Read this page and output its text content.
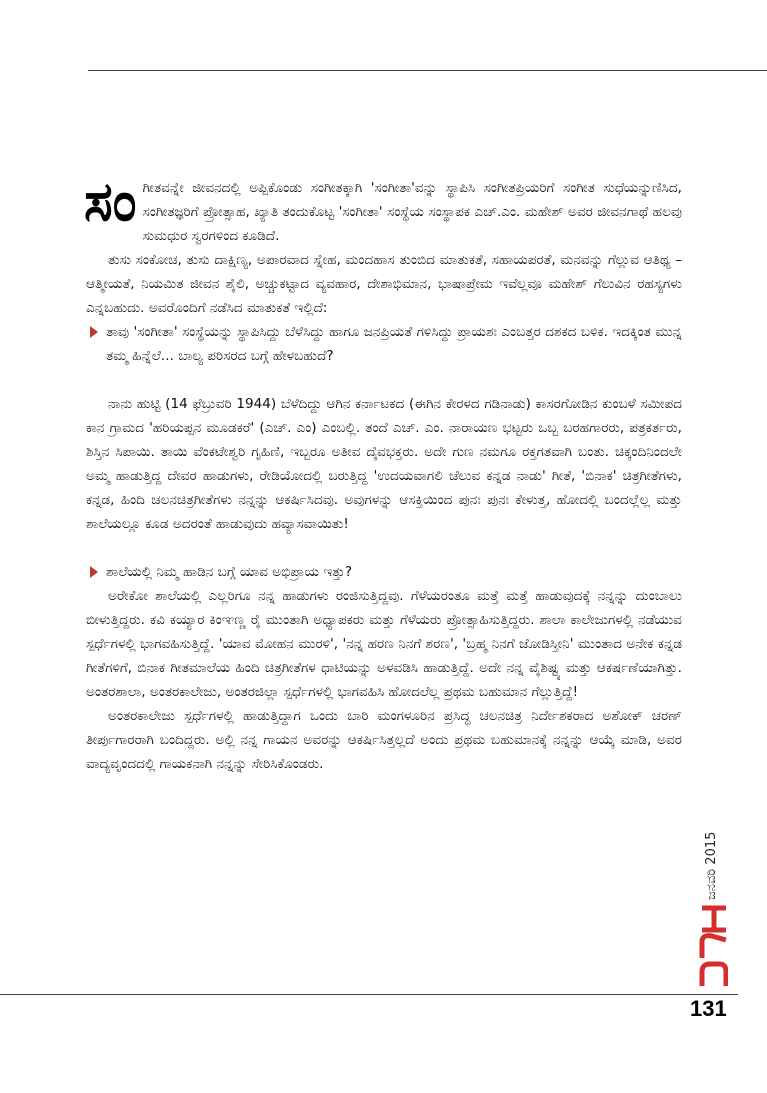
ಸಂಗೀತವನ್ನೇ ಜೀವನದಲ್ಲಿ ಅಪ್ಪಿಕೊಂಡು ಸಂಗೀತಕ್ಕಾಗಿ 'ಸಂಗೀತಾ'ವನ್ನು ಸ್ಥಾಪಿಸಿ ಸಂಗೀತಪ್ರಿಯರಿಗೆ ಸಂಗೀತ ಸುಧೆಯನ್ನುಣಿಸಿದ, ಸಂಗೀತಜ್ಞರಿಗೆ ಪ್ರೋತ್ಸಾಹ, ಖ್ಯಾತಿ ತಂದುಕೊಟ್ಟ 'ಸಂಗೀತಾ' ಸಂಸ್ಥೆಯ ಸಂಸ್ಥಾಪಕ ಎಚ್.ಎಂ. ಮಹೇಶ್ ಅವರ ಜೀವನಗಾಥೆ ಹಲವು ಸುಮಧುರ ಸ್ವರಗಳಿಂದ ಕೂಡಿದೆ.

ತುಸು ಸಂಕೋಚ, ತುಸು ದಾಕ್ಷಿಣ್ಯ, ಅಪಾರವಾದ ಸ್ನೇಹ, ಮಂದಹಾಸ ತುಂಬಿದ ಮಾತುಕತೆ, ಸಹಾಯಪರತೆ, ಮನವನ್ನು ಗೆಲ್ಲುವ ಆತಿಥ್ಯ –ಆತ್ಮೀಯತೆ, ನಿಯಮಿತ ಜೀವನ ಶೈಲಿ, ಅಚ್ಚುಕಟ್ಟಾದ ವ್ಯವಹಾರ, ದೇಶಾಭಿಮಾನ, ಭಾಷಾಪ್ರೇಮ ಇವೆಲ್ಲವೂ ಮಹೇಶ್ ಗೆಲುವಿನ ರಹಸ್ಯಗಳು ಎನ್ನಬಹುದು. ಅವರೊಂದಿಗೆ ನಡೆಸಿದ ಮಾತುಕತೆ ಇಲ್ಲಿದೆ:

ತಾವು 'ಸಂಗೀತಾ' ಸಂಸ್ಥೆಯನ್ನು ಸ್ಥಾಪಿಸಿದ್ದು ಬೆಳೆಸಿದ್ದು ಹಾಗೂ ಜನಪ್ರಿಯತೆ ಗಳಿಸಿದ್ದು ಪ್ರಾಯಶಃ ಎಂಬತ್ತರ ದಶಕದ ಬಳಿಕ. ಇದಕ್ಕಿಂತ ಮುನ್ನ ತಮ್ಮ ಹಿನ್ನೆಲೆ... ಬಾಲ್ಯ ಪರಿಸರದ ಬಗ್ಗೆ ಹೇಳಬಹುದೆ?

ನಾನು ಹುಟ್ಟಿ (14 ಫೆಬ್ರುವರಿ 1944) ಬೆಳೆದಿದ್ದು ಆಗಿನ ಕರ್ನಾಟಕದ (ಈಗಿನ ಕೇರಳದ ಗಡಿನಾಡು) ಕಾಸರಗೋಡಿನ ಕುಂಬಳೆ ಸಮೀಪದ ಕಾನ ಗ್ರಾಮದ 'ಹರಿಯಪ್ಪನ ಮೂಡಕರೆ' (ಎಚ್. ಎಂ) ಎಂಬಲ್ಲಿ. ತಂದೆ ಎಚ್. ಎಂ. ನಾರಾಯಣ ಭಟ್ಟರು ಒಬ್ಬ ಬರಹಗಾರರು, ಪತ್ರಕರ್ತರು, ಶಿಸ್ತಿನ ಸಿಪಾಯಿ. ತಾಯಿ ವೆಂಕಟೇಶ್ವರಿ ಗೃಹಿಣಿ, ಇಬ್ಬರೂ ಅತೀವ ದೈವಭಕ್ತರು. ಅದೇ ಗುಣ ನಮಗೂ ರಕ್ತಗತವಾಗಿ ಬಂತು. ಚಿಕ್ಕಂದಿನಿಂದಲೇ ಅಮ್ಮ ಹಾಡುತ್ತಿದ್ದ ದೇವರ ಹಾಡುಗಳು, ರೇಡಿಯೋದಲ್ಲಿ ಬರುತ್ತಿದ್ದ 'ಉದಯವಾಗಲಿ ಚೆಲುವ ಕನ್ನಡ ನಾಡು' ಗೀತೆ, 'ಬಿನಾಕ' ಚಿತ್ರಗೀತೆಗಳು, ಕನ್ನಡ, ಹಿಂದಿ ಚಲನಚಿತ್ರಗೀತೆಗಳು ನನ್ನನ್ನು ಆಕರ್ಷಿಸಿದವು. ಅವುಗಳನ್ನು ಆಸಕ್ತಿಯಿಂದ ಪುನಃ ಪುನಃ ಕೇಳುತ್ತ, ಹೋದಲ್ಲಿ ಬಂದಲ್ಲೆಲ್ಲ ಮತ್ತು ಶಾಲೆಯಲ್ಲೂ ಕೂಡ ಅದರಂತೆ ಹಾಡುವುದು ಹವ್ಯಾಸವಾಯಿತು!

ಶಾಲೆಯಲ್ಲಿ ನಿಮ್ಮ ಹಾಡಿನ ಬಗ್ಗೆ ಯಾವ ಅಭಿಪ್ರಾಯ ಇತ್ತು?

ಅರೇಕೋ ಶಾಲೆಯಲ್ಲಿ ಎಲ್ಲರಿಗೂ ನನ್ನ ಹಾಡುಗಳು ರಂಜಿಸುತ್ತಿದ್ದವು. ಗೆಳೆಯರಂತೂ ಮತ್ತೆ ಮತ್ತೆ ಹಾಡುವುದಕ್ಕೆ ನನ್ನನ್ನು ದುಂಬಾಲು ಬೀಳುತ್ತಿದ್ದರು. ಕವಿ ಕಯ್ಯಾರ ಕಿಂಞಣ್ಣ ರೈ ಮುಂತಾಗಿ ಅಧ್ಯಾಪಕರು ಮತ್ತು ಗೆಳೆಯರು ಪ್ರೋತ್ಸಾಹಿಸುತ್ತಿದ್ದರು. ಶಾಲಾ ಕಾಲೇಜುಗಳಲ್ಲಿ ನಡೆಯುವ ಸ್ಪರ್ಧೆಗಳಲ್ಲಿ ಭಾಗವಹಿಸುತ್ತಿದ್ದೆ. 'ಯಾವ ಮೋಹನ ಮುರಳಿ', 'ನನ್ನ ಹರಣ ನಿನಗೆ ಶರಣ', 'ಬ್ರಹ್ಮ ನಿನಗೆ ಜೋಡಿಸ್ತೀನಿ' ಮುಂತಾದ ಅನೇಕ ಕನ್ನಡ ಗೀತೆಗಳಿಗೆ, ಬಿನಾಕ ಗೀತಮಾಲೆಯ ಹಿಂದಿ ಚಿತ್ರಗೀತೆಗಳ ಧಾಟಿಯನ್ನು ಅಳವಡಿಸಿ ಹಾಡುತ್ತಿದ್ದೆ. ಅದೇ ನನ್ನ ವೈಶಿಷ್ಟ್ಯ ಮತ್ತು ಆಕರ್ಷಣೆಯಾಗಿತ್ತು. ಅಂತರಶಾಲಾ, ಅಂತರಕಾಲೇಜು, ಅಂತರಜಿಲ್ಲಾ ಸ್ಪರ್ಧೆಗಳಲ್ಲಿ ಭಾಗವಹಿಸಿ ಹೋದಲೆಲ್ಲ ಪ್ರಥಮ ಬಹುಮಾನ ಗೆಲ್ಲುತ್ತಿದ್ದೆ!

ಅಂತರಕಾಲೇಜು ಸ್ಪರ್ಧೆಗಳಲ್ಲಿ ಹಾಡುತ್ತಿದ್ದಾಗ ಒಂದು ಬಾರಿ ಮಂಗಳೂರಿನ ಪ್ರಸಿದ್ಧ ಚಲನಚಿತ್ರ ನಿರ್ದೇಶಕರಾದ ಅಶೋಕ್ ಚರಣ್ ತೀರ್ಪುಗಾರರಾಗಿ ಬಂದಿದ್ದರು. ಅಲ್ಲಿ ನನ್ನ ಗಾಯನ ಅವರನ್ನು ಆಕರ್ಷಿಸಿತ್ತಲ್ಲದೆ ಅಂದು ಪ್ರಥಮ ಬಹುಮಾನಕ್ಕೆ ನನ್ನನ್ನು ಆಯ್ಕೆ ಮಾಡಿ, ಅವರ ವಾದ್ಯವೃಂದದಲ್ಲಿ ಗಾಯಕನಾಗಿ ನನ್ನನ್ನು ಸೇರಿಸಿಕೊಂಡರು.

ಜನವರಿ 2015
131
